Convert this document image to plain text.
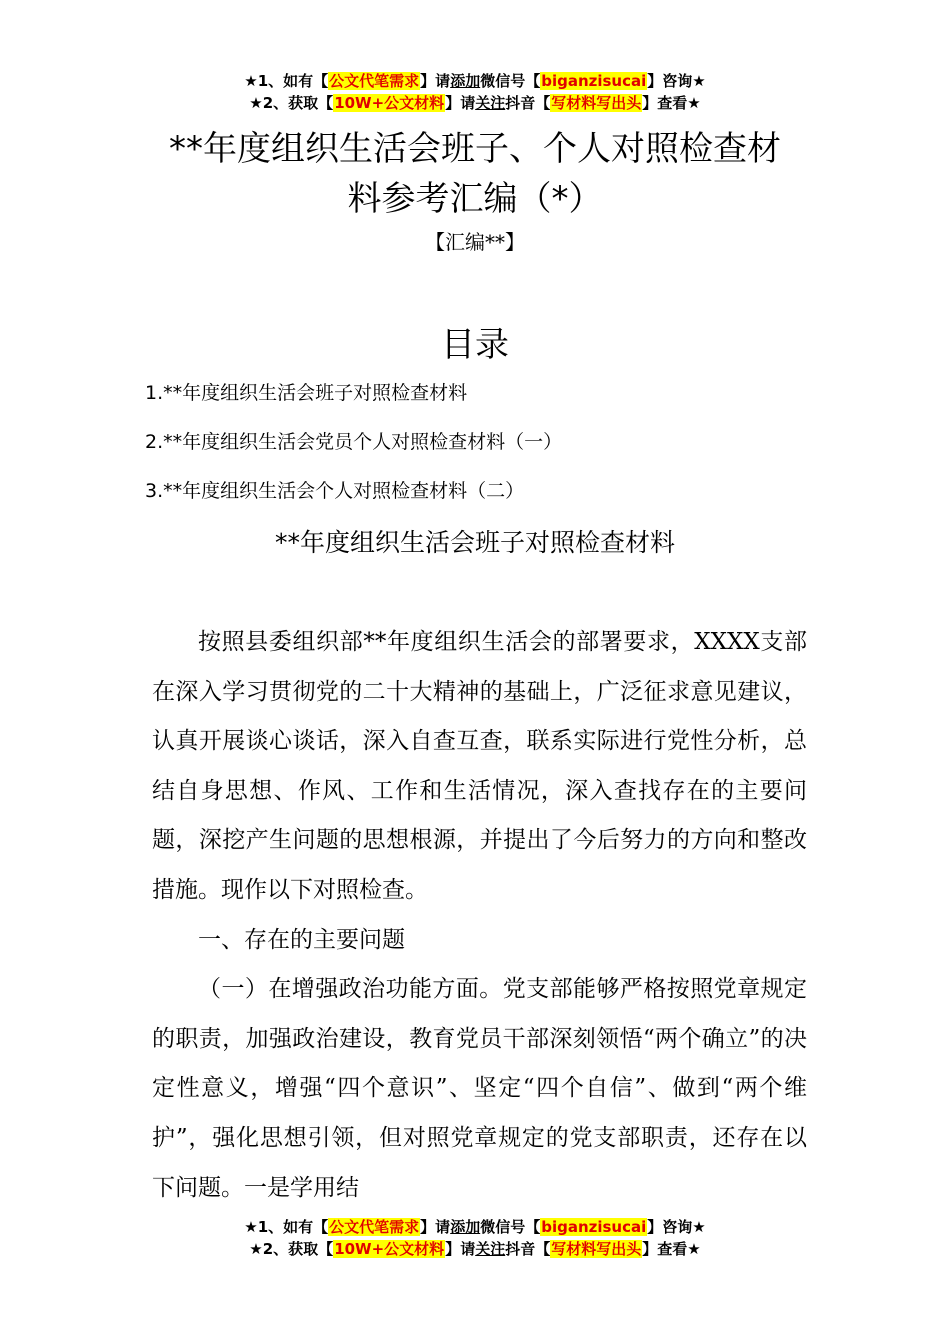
★1、如有【公文代笔需求】请添加微信号【biganzisucai】咨询★
★2、获取【10W+公文材料】请关注抖音【写材料写出头】查看★
**年度组织生活会班子、个人对照检查材
料参考汇编（*）
【汇编**】
目录
1.**年度组织生活会班子对照检查材料
2.**年度组织生活会党员个人对照检查材料（一）
3.**年度组织生活会个人对照检查材料（二）
**年度组织生活会班子对照检查材料

按照县委组织部**年度组织生活会的部署要求，XXXX支部在深入学习贯彻党的二十大精神的基础上，广泛征求意见建议，认真开展谈心谈话，深入自查互查，联系实际进行党性分析，总结自身思想、作风、工作和生活情况，深入查找存在的主要问题，深挖产生问题的思想根源，并提出了今后努力的方向和整改措施。现作以下对照检查。

一、存在的主要问题

（一）在增强政治功能方面。党支部能够严格按照党章规定的职责，加强政治建设，教育党员干部深刻领悟“两个确立”的决定性意义，增强“四个意识”、坚定“四个自信”、做到“两个维护”，强化思想引领，但对照党章规定的党支部职责，还存在以下问题。一是学用结

★1、如有【公文代笔需求】请添加微信号【biganzisucai】咨询★
★2、获取【10W+公文材料】请关注抖音【写材料写出头】查看★
